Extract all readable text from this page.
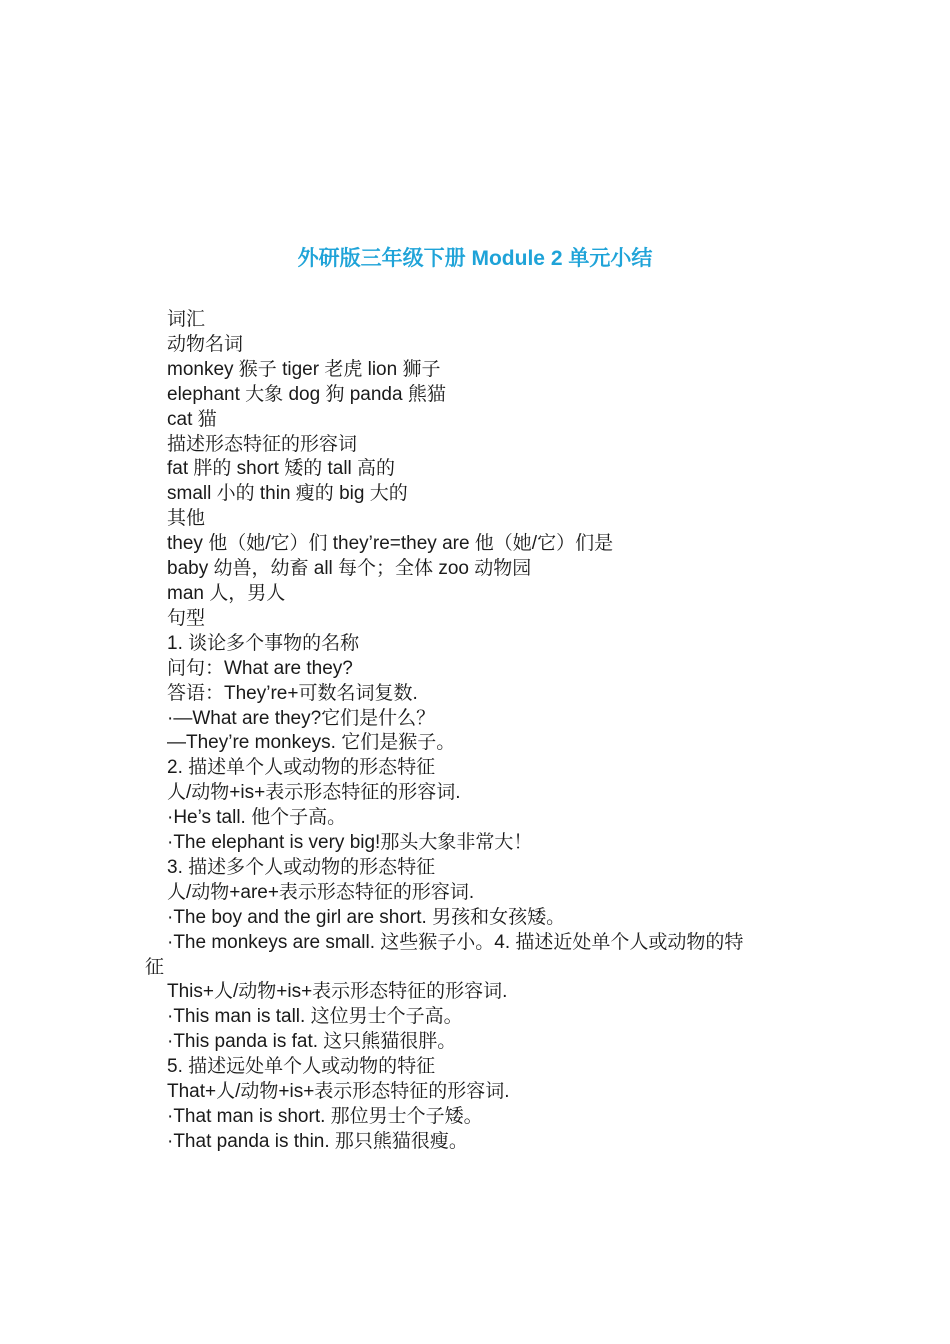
外研版三年级下册 Module 2 单元小结
词汇
动物名词
monkey 猴子 tiger 老虎 lion 狮子
elephant 大象 dog 狗 panda 熊猫
cat 猫
描述形态特征的形容词
fat 胖的 short 矮的 tall 高的
small 小的 thin 瘦的 big 大的
其他
they 他（她/它）们 they’re=they are 他（她/它）们是
baby 幼兽，幼畜 all 每个；全体 zoo 动物园
man 人，男人
句型
1. 谈论多个事物的名称
问句：What are they?
答语：They’re+可数名词复数.
·—What are they?它们是什么？
—They’re monkeys. 它们是猴子。
2. 描述单个人或动物的形态特征
人/动物+is+表示形态特征的形容词.
·He’s tall. 他个子高。
·The elephant is very big!那头大象非常大！
3. 描述多个人或动物的形态特征
人/动物+are+表示形态特征的形容词.
·The boy and the girl are short. 男孩和女孩矮。
·The monkeys are small. 这些猴子小。4. 描述近处单个人或动物的特
征
This+人/动物+is+表示形态特征的形容词.
·This man is tall. 这位男士个子高。
·This panda is fat. 这只熊猫很胖。
5. 描述远处单个人或动物的特征
That+人/动物+is+表示形态特征的形容词.
·That man is short. 那位男士个子矮。
·That panda is thin. 那只熊猫很瘦。
